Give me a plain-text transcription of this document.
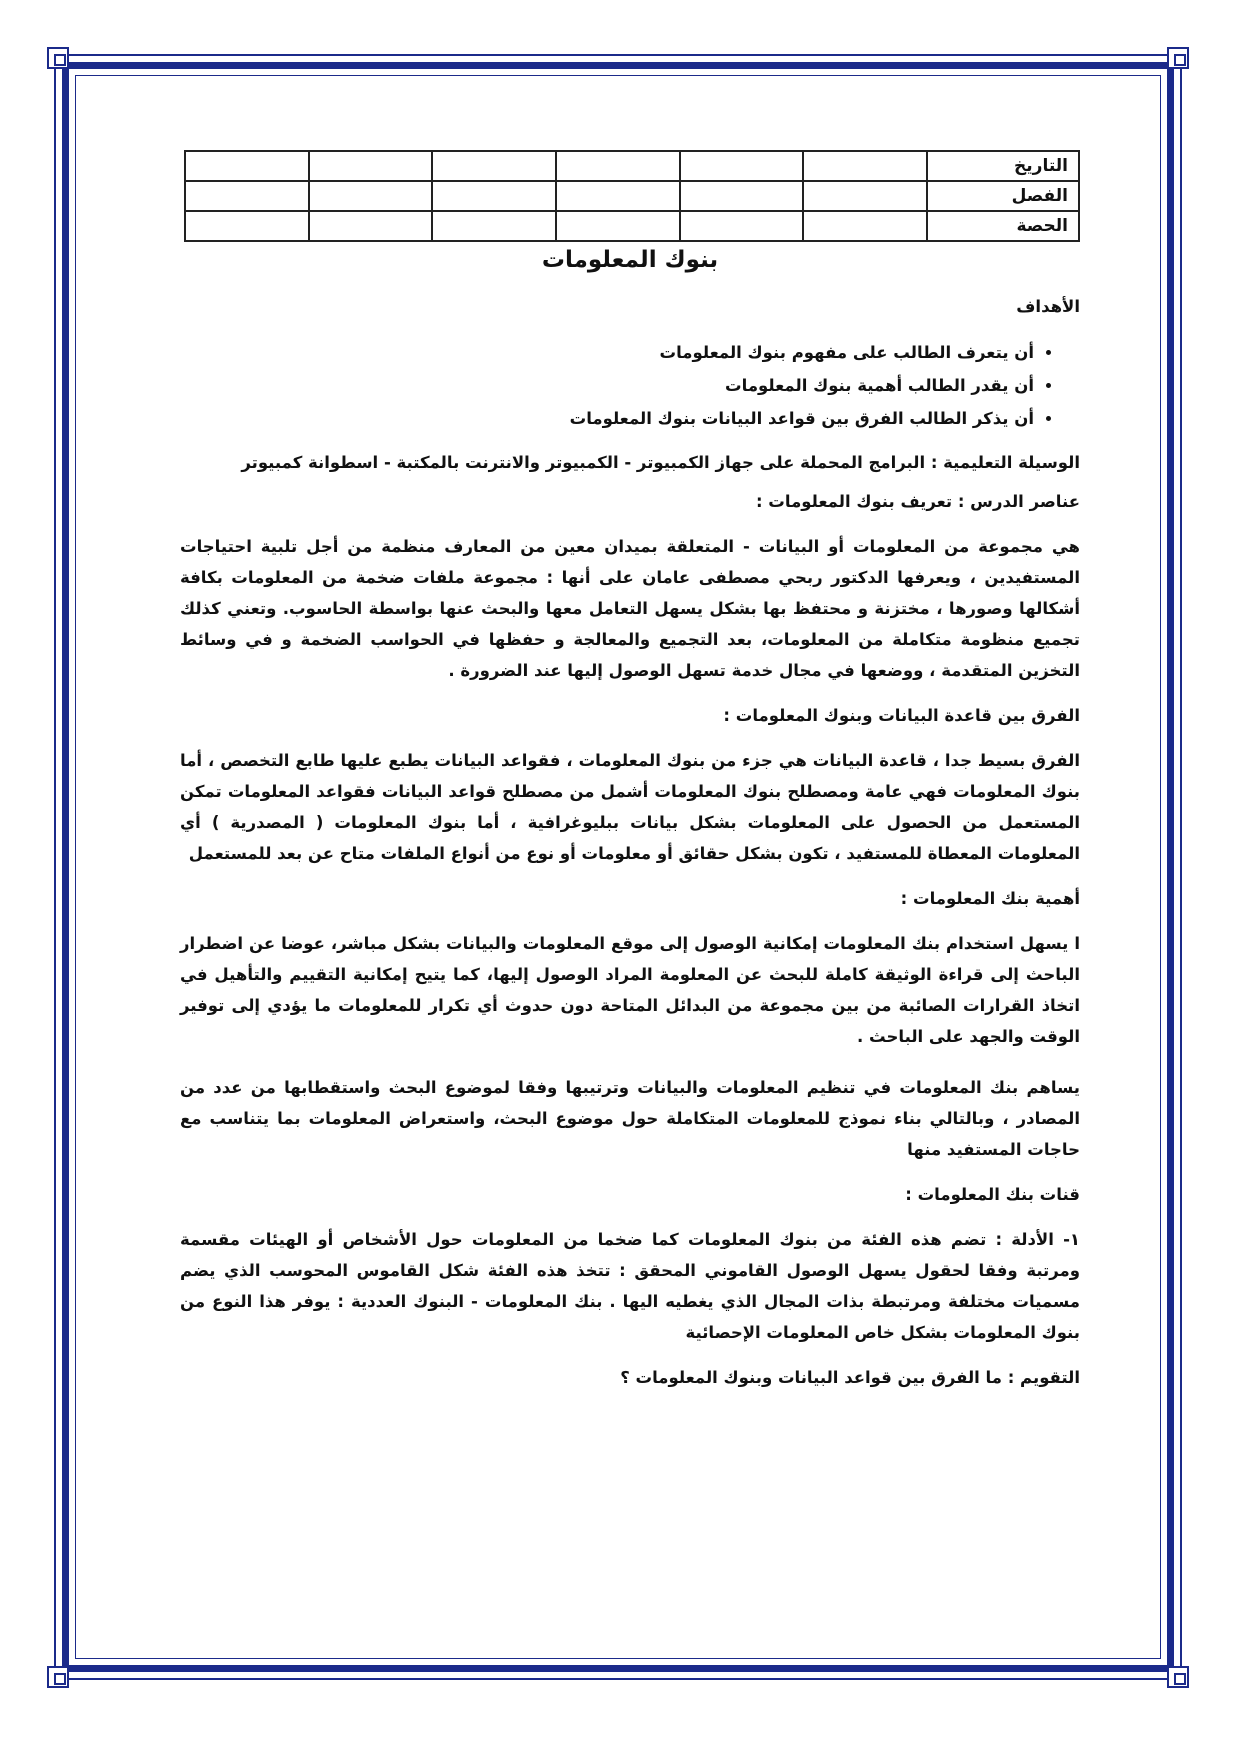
التاريخ						
الفصل						
الحصة						
بنوك المعلومات
الأهداف
• أن يتعرف الطالب على مفهوم بنوك المعلومات
• أن يقدر الطالب أهمية بنوك المعلومات
• أن يذكر الطالب الفرق بين قواعد البيانات بنوك المعلومات
الوسيلة التعليمية : البرامج المحملة على جهاز الكمبيوتر - الكمبيوتر والانترنت بالمكتبة - اسطوانة كمبيوتر
عناصر الدرس : تعريف بنوك المعلومات :
هي مجموعة من المعلومات أو البيانات - المتعلقة بميدان معين من المعارف منظمة من أجل تلبية احتياجات المستفيدين ، ويعرفها الدكتور ربحي مصطفى عامان على أنها : مجموعة ملفات ضخمة من المعلومات بكافة أشكالها وصورها ، مختزنة و محتفظ بها بشكل يسهل التعامل معها والبحث عنها بواسطة الحاسوب. وتعني كذلك تجميع منظومة متكاملة من المعلومات، بعد التجميع والمعالجة و حفظها في الحواسب الضخمة و في وسائط التخزين المتقدمة ، ووضعها في مجال خدمة تسهل الوصول إليها عند الضرورة .
الفرق بين قاعدة البيانات وبنوك المعلومات :
الفرق بسيط جدا ، قاعدة البيانات هي جزء من بنوك المعلومات ، فقواعد البيانات يطبع عليها طابع التخصص ، أما بنوك المعلومات فهي عامة ومصطلح بنوك المعلومات أشمل من مصطلح قواعد البيانات فقواعد المعلومات تمكن المستعمل من الحصول على المعلومات بشكل بيانات ببليوغرافية ، أما بنوك المعلومات ( المصدرية ) أي المعلومات المعطاة للمستفيد ، تكون بشكل حقائق أو معلومات أو نوع من أنواع الملفات متاح عن بعد للمستعمل
أهمية بنك المعلومات :
ا يسهل استخدام بنك المعلومات إمكانية الوصول إلى موقع المعلومات والبيانات بشكل مباشر، عوضا عن اضطرار الباحث إلى قراءة الوثيقة كاملة للبحث عن المعلومة المراد الوصول إليها، كما يتيح إمكانية التقييم والتأهيل في اتخاذ القرارات الصائبة من بين مجموعة من البدائل المتاحة دون حدوث أي تكرار للمعلومات ما يؤدي إلى توفير الوقت والجهد على الباحث .
يساهم بنك المعلومات في تنظيم المعلومات والبيانات وترتيبها وفقا لموضوع البحث واستقطابها من عدد من المصادر ، وبالتالي بناء نموذج للمعلومات المتكاملة حول موضوع البحث، واستعراض المعلومات بما يتناسب مع حاجات المستفيد منها
قنات بنك المعلومات :
١- الأدلة : تضم هذه الفئة من بنوك المعلومات كما ضخما من المعلومات حول الأشخاص أو الهيئات مقسمة ومرتبة وفقا لحقول يسهل الوصول القاموني المحقق : تتخذ هذه الفئة شكل القاموس المحوسب الذي يضم مسميات مختلفة ومرتبطة بذات المجال الذي يغطيه اليها . بنك المعلومات - البنوك العددية : يوفر هذا النوع من بنوك المعلومات بشكل خاص المعلومات الإحصائية
التقويم : ما الفرق بين قواعد البيانات وبنوك المعلومات ؟
